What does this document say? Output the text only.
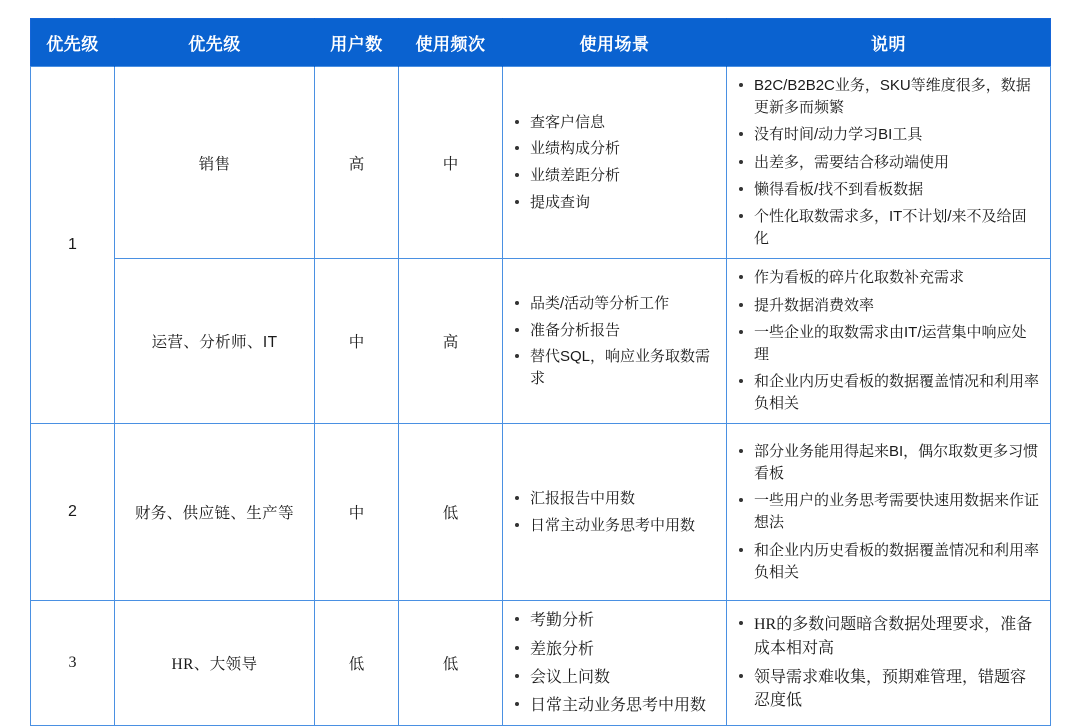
优先级	优先级	用户数	使用频次	使用场景	说明
1	销售	高	中	
查客户信息
业绩构成分析
业绩差距分析
提成查询

B2C/B2B2C业务，SKU等维度很多，数据更新多而频繁
没有时间/动力学习BI工具
出差多，需要结合移动端使用
懒得看板/找不到看板数据
个性化取数需求多，IT不计划/来不及给固化

运营、分析师、IT	中	高	
品类/活动等分析工作
准备分析报告
替代SQL，响应业务取数需求

作为看板的碎片化取数补充需求
提升数据消费效率
一些企业的取数需求由IT/运营集中响应处理
和企业内历史看板的数据覆盖情况和利用率负相关

2	财务、供应链、生产等	中	低	
汇报报告中用数
日常主动业务思考中用数

部分业务能用得起来BI，偶尔取数更多习惯看板
一些用户的业务思考需要快速用数据来作证想法
和企业内历史看板的数据覆盖情况和利用率负相关

3	HR、大领导	低	低	
考勤分析
差旅分析
会议上问数
日常主动业务思考中用数

HR的多数问题暗含数据处理要求，准备成本相对高
领导需求难收集，预期难管理，错题容忍度低
